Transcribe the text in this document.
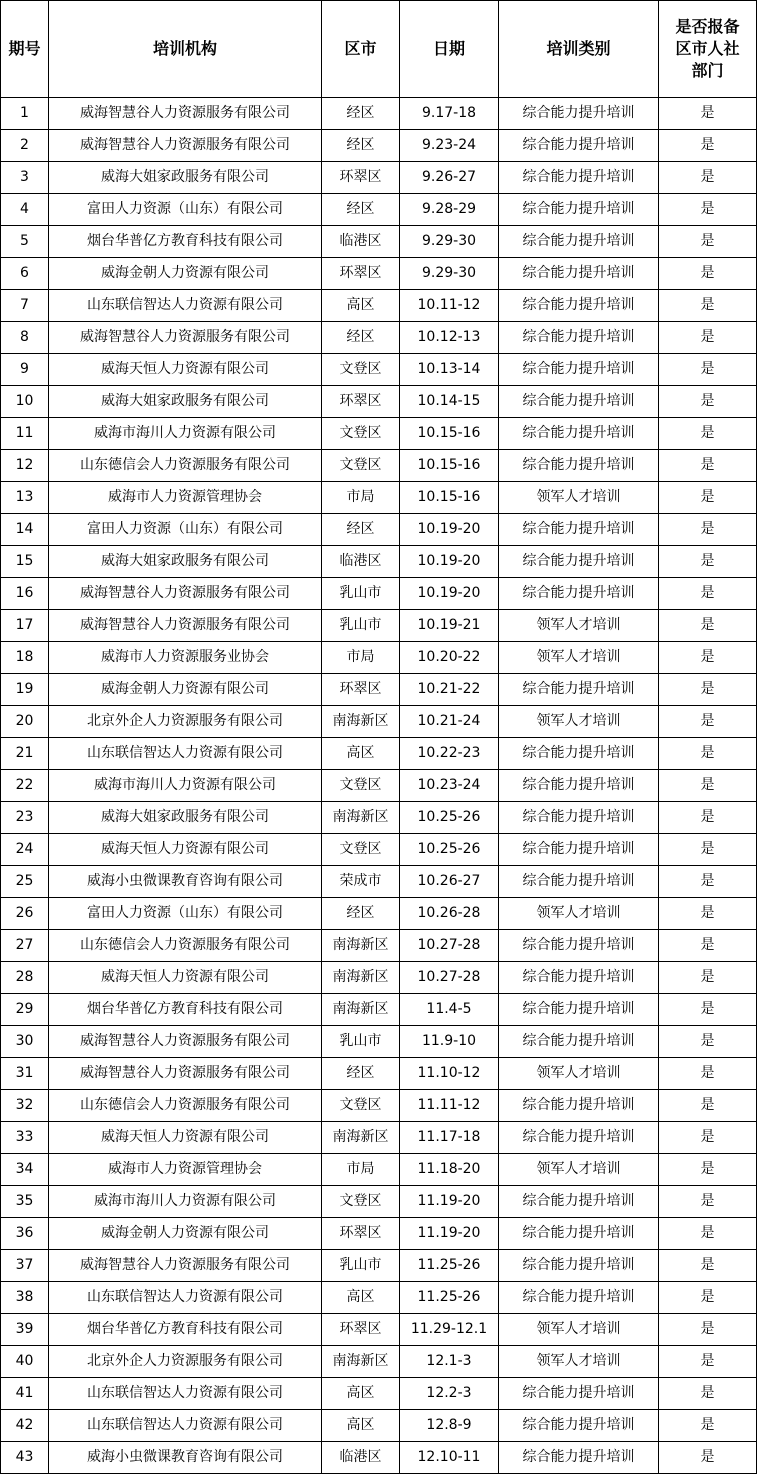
期号	培训机构	区市	日期	培训类别	是否报备
区市人社
部门

1	威海智慧谷人力资源服务有限公司	经区	9.17-18	综合能力提升培训	是
2	威海智慧谷人力资源服务有限公司	经区	9.23-24	综合能力提升培训	是
3	威海大姐家政服务有限公司	环翠区	9.26-27	综合能力提升培训	是
4	富田人力资源（山东）有限公司	经区	9.28-29	综合能力提升培训	是
5	烟台华普亿方教育科技有限公司	临港区	9.29-30	综合能力提升培训	是
6	威海金朝人力资源有限公司	环翠区	9.29-30	综合能力提升培训	是
7	山东联信智达人力资源有限公司	高区	10.11-12	综合能力提升培训	是
8	威海智慧谷人力资源服务有限公司	经区	10.12-13	综合能力提升培训	是
9	威海天恒人力资源有限公司	文登区	10.13-14	综合能力提升培训	是
10	威海大姐家政服务有限公司	环翠区	10.14-15	综合能力提升培训	是
11	威海市海川人力资源有限公司	文登区	10.15-16	综合能力提升培训	是
12	山东德信会人力资源服务有限公司	文登区	10.15-16	综合能力提升培训	是
13	威海市人力资源管理协会	市局	10.15-16	领军人才培训	是
14	富田人力资源（山东）有限公司	经区	10.19-20	综合能力提升培训	是
15	威海大姐家政服务有限公司	临港区	10.19-20	综合能力提升培训	是
16	威海智慧谷人力资源服务有限公司	乳山市	10.19-20	综合能力提升培训	是
17	威海智慧谷人力资源服务有限公司	乳山市	10.19-21	领军人才培训	是
18	威海市人力资源服务业协会	市局	10.20-22	领军人才培训	是
19	威海金朝人力资源有限公司	环翠区	10.21-22	综合能力提升培训	是
20	北京外企人力资源服务有限公司	南海新区	10.21-24	领军人才培训	是
21	山东联信智达人力资源有限公司	高区	10.22-23	综合能力提升培训	是
22	威海市海川人力资源有限公司	文登区	10.23-24	综合能力提升培训	是
23	威海大姐家政服务有限公司	南海新区	10.25-26	综合能力提升培训	是
24	威海天恒人力资源有限公司	文登区	10.25-26	综合能力提升培训	是
25	威海小虫微课教育咨询有限公司	荣成市	10.26-27	综合能力提升培训	是
26	富田人力资源（山东）有限公司	经区	10.26-28	领军人才培训	是
27	山东德信会人力资源服务有限公司	南海新区	10.27-28	综合能力提升培训	是
28	威海天恒人力资源有限公司	南海新区	10.27-28	综合能力提升培训	是
29	烟台华普亿方教育科技有限公司	南海新区	11.4-5	综合能力提升培训	是
30	威海智慧谷人力资源服务有限公司	乳山市	11.9-10	综合能力提升培训	是
31	威海智慧谷人力资源服务有限公司	经区	11.10-12	领军人才培训	是
32	山东德信会人力资源服务有限公司	文登区	11.11-12	综合能力提升培训	是
33	威海天恒人力资源有限公司	南海新区	11.17-18	综合能力提升培训	是
34	威海市人力资源管理协会	市局	11.18-20	领军人才培训	是
35	威海市海川人力资源有限公司	文登区	11.19-20	综合能力提升培训	是
36	威海金朝人力资源有限公司	环翠区	11.19-20	综合能力提升培训	是
37	威海智慧谷人力资源服务有限公司	乳山市	11.25-26	综合能力提升培训	是
38	山东联信智达人力资源有限公司	高区	11.25-26	综合能力提升培训	是
39	烟台华普亿方教育科技有限公司	环翠区	11.29-12.1	领军人才培训	是
40	北京外企人力资源服务有限公司	南海新区	12.1-3	领军人才培训	是
41	山东联信智达人力资源有限公司	高区	12.2-3	综合能力提升培训	是
42	山东联信智达人力资源有限公司	高区	12.8-9	综合能力提升培训	是
43	威海小虫微课教育咨询有限公司	临港区	12.10-11	综合能力提升培训	是
